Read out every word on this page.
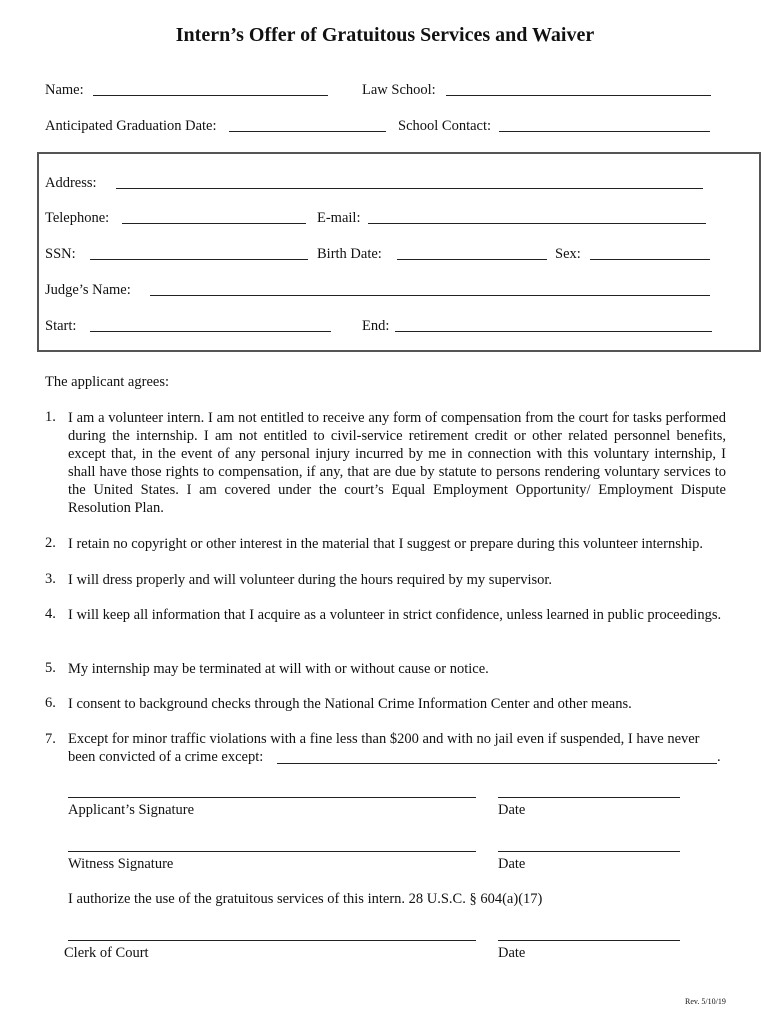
Intern’s Offer of Gratuitous Services and Waiver
Name:	Law School:
Anticipated Graduation Date:	School Contact:
Address:
Telephone:	E-mail:
SSN:	Birth Date:	Sex:
Judge’s Name:
Start:	End:
The applicant agrees:
1. I am a volunteer intern. I am not entitled to receive any form of compensation from the court for tasks performed during the internship. I am not entitled to civil-service retirement credit or other related personnel benefits, except that, in the event of any personal injury incurred by me in connection with this voluntary internship, I shall have those rights to compensation, if any, that are due by statute to persons rendering voluntary services to the United States. I am covered under the court’s Equal Employment Opportunity/ Employment Dispute Resolution Plan.
2. I retain no copyright or other interest in the material that I suggest or prepare during this volunteer internship.
3. I will dress properly and will volunteer during the hours required by my supervisor.
4. I will keep all information that I acquire as a volunteer in strict confidence, unless learned in public proceedings.
5. My internship may be terminated at will with or without cause or notice.
6. I consent to background checks through the National Crime Information Center and other means.
7. Except for minor traffic violations with a fine less than $200 and with no jail even if suspended, I have never
been convicted of a crime except:	.
Applicant’s Signature	Date
Witness Signature	Date
I authorize the use of the gratuitous services of this intern. 28 U.S.C. § 604(a)(17)
Clerk of Court	Date
Rev. 5/10/19
